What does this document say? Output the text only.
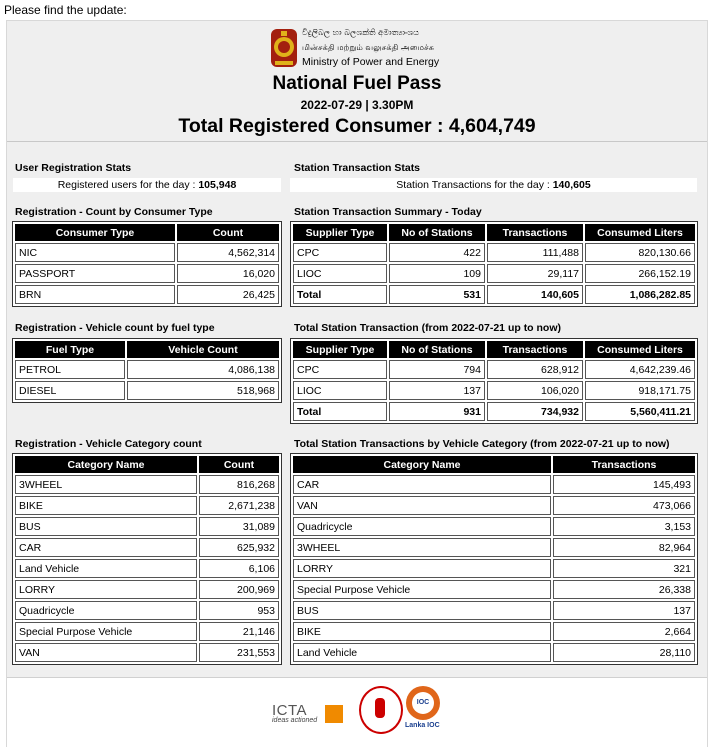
Please find the update:
විදුලිබල හා බලශක්ති අමාත්‍යාංශය
மின்சக்தி மற்றும் வலுசக்தி அமைச்சு
Ministry of Power and Energy
National Fuel Pass
2022-07-29 | 3.30PM
Total Registered Consumer : 4,604,749
User Registration Stats
Registered users for the day : 105,948
Station Transaction Stats
Station Transactions for the day : 140,605
Registration - Count by Consumer Type
Consumer Type	Count
NIC	4,562,314
PASSPORT	16,020
BRN	26,425
Station Transaction Summary - Today
Supplier Type	No of Stations	Transactions	Consumed Liters
CPC	422	111,488	820,130.66
LIOC	109	29,117	266,152.19
Total	531	140,605	1,086,282.85
Registration - Vehicle count by fuel type
Fuel Type	Vehicle Count
PETROL	4,086,138
DIESEL	518,968
Total Station Transaction (from 2022-07-21 up to now)
Supplier Type	No of Stations	Transactions	Consumed Liters
CPC	794	628,912	4,642,239.46
LIOC	137	106,020	918,171.75
Total	931	734,932	5,560,411.21
Registration - Vehicle Category count
Category Name	Count
3WHEEL	816,268
BIKE	2,671,238
BUS	31,089
CAR	625,932
Land Vehicle	6,106
LORRY	200,969
Quadricycle	953
Special Purpose Vehicle	21,146
VAN	231,553
Total Station Transactions by Vehicle Category (from 2022-07-21 up to now)
Category Name	Transactions
CAR	145,493
VAN	473,066
Quadricycle	3,153
3WHEEL	82,964
LORRY	321
Special Purpose Vehicle	26,338
BUS	137
BIKE	2,664
Land Vehicle	28,110
ICTA
ideas actioned
IOC
Lanka IOC
